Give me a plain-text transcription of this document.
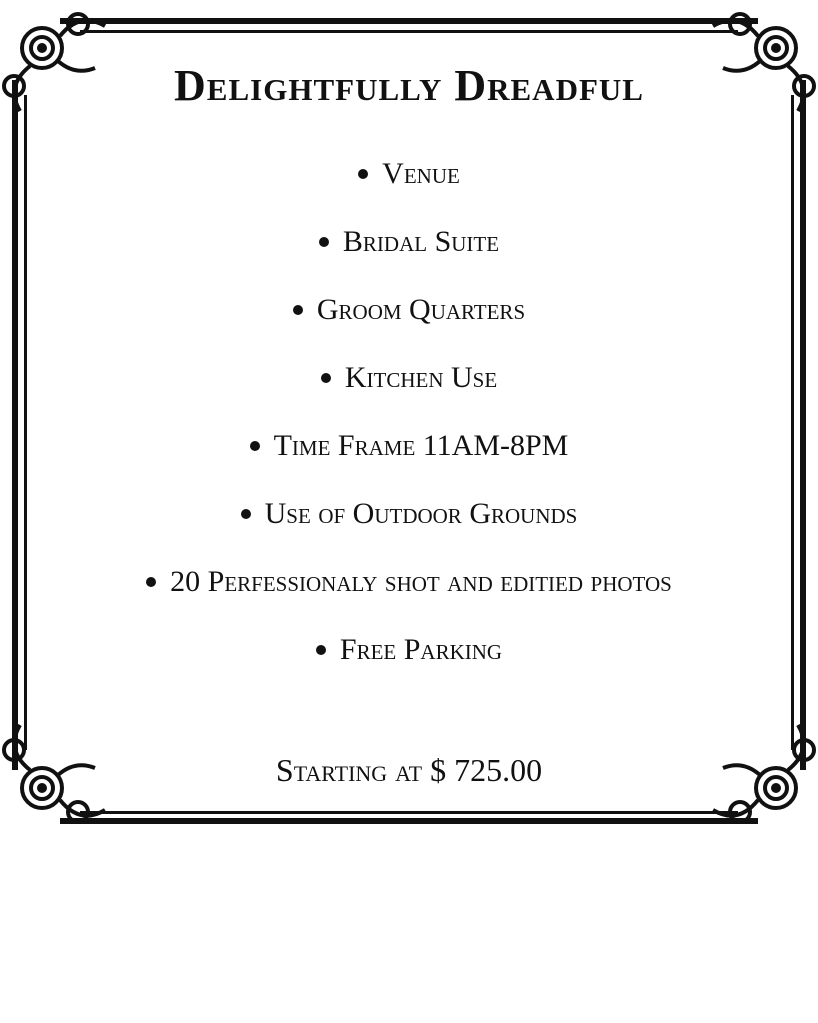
Delightfully Dreadful
Venue
Bridal Suite
Groom Quarters
Kitchen Use
Time Frame 11AM-8PM
Use of Outdoor Grounds
20 Perfessionaly shot and editied photos
Free Parking

Starting at $ 725.00
